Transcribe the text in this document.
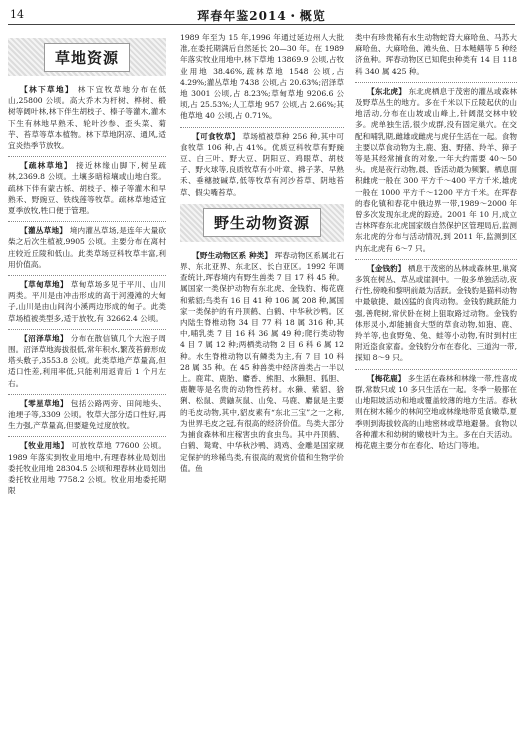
14	珲春年鉴2014・概览
草地资源

【林下草地】 林下宜牧草地分布在低山,25800 公顷。高大乔木为杆树、桦树、椴树等阔叶林,林下伴生胡枝子、榛子等灌木,灌木下生有林地早熟禾、轮叶沙参、歪头菜、菊芋、苔草等草本植物。林下草地阴凉、通风,适宜炎热季节放牧。

【疏林草地】 接近林缘山脚下,树呈疏林,2369.8 公顷。土壤多暗棕壤或山地白浆。疏林下伴有蒙古栎、胡枝子、榛子等灌木和早熟禾、野豌豆、铁线莲等牧草。疏林草地适宜夏季放牧,牲口便于管理。

【灌丛草地】 境内灌丛草场,是连年大量砍柴之后次生植被,9905 公顷。主要分布在离村庄较近丘陵和低山。此类草场豆科牧草丰富,利用价值高。

【草甸草地】 草甸草场多见于平川、山川两类。平川是由冲击形成的高于河漫滩的大甸子,山川是由山间沟小溪两边形成的甸子。此类草场植被类型多,适于放牧,有 32662.4 公顷。

【沼泽草地】 分布在散信镇几个大泡子周围。沼泽草地海拔很低,常年积水,繁茂苔藓形成塔头敷子,3553.8 公顷。此类草地产草量高,但适口性差,利用率低,只能利用返青后 1 个月左右。

【零星草地】 包括公路两旁、田间地头、池埂子等,3309 公顷。牧草大部分适口性好,再生力强,产草量高,但要避免过度放牧。

【牧业用地】 可放牧草地 77600 公顷。1989 年落实到牧业用地中,有理春林业局划出委托牧业用地 28304.5 公顷和理春林业局划出委托牧业用地 7758.2 公顷。牧业用地委托期限

1989 年至为 15 年,1996 年通过延边州人大批准,在委托期满后自然延长 20—30 年。在 1989 年落实牧业用地中,林下草地 13869.9 公顷,占牧业用地 38.46%,疏林草地 1548 公顷,占 4.29%;灌丛草地 7438 公顷,占 20.63%;沼泽草地 3001 公顷,占 8.23%;草甸草地 9206.6 公顷,占 25.53%;人工草地 957 公顷,占 2.66%;其他草地 40 公顷,占 0.71%。

【可食牧草】 草场植被草种 256 种,其中可食牧草 106 种,占 41%。优质豆科牧草有野豌豆、白三叶、野大豆、阴阳豆、鸡眼草、胡枝子、野火球等,良质牧草有小叶章、拂子茅、早熟禾、垂穗披碱草,低等牧草有河沙苔草、阴地苔草、假尖嘴苔草。

野生动物资源

【野生动物区系 种类】 珲春动物区系属北石界、东北亚界、东北区、长白亚区。1992 年调查统计,珲春境内有野生兽类 7 目 17 科 45 种。属国家一类保护动物有东北虎、金钱豹、梅花鹿和紫貂;鸟类有 16 目 41 种 106 属 208 种,属国家一类保护的有丹顶鹤、白鹤、中华秋沙鸭。区内陆生脊椎动物 34 目 77 科 18 属 316 种,其中,哺乳类 7 目 16 科 36 属 49 种;爬行类动物 4 目 7 属 12 种;两栖类动物 2 目 6 科 6 属 12 种。水生脊椎动物以有鳞类为主,有 7 目 10 科 28 属 35 种。在 45 种兽类中经济兽类占一半以上。鹿茸、鹿胎、麝香、熊胆、水獭胆、狐胆、鹿鞭等是名贵的动物性药材。水獭、紫貂、猞猁、松鼠、黄鼬灰鼠、山兔、马鹿、麝鼠是主要的毛皮动物,其中,貂皮素有“东北三宝”之一之称,为世界毛皮之冠,有很高的经济价值。鸟类大部分为捕食森林和庄稼害虫的食虫鸟。其中丹顶鹤、白鹤、鸳鸯、中华秋沙鸭、鸿鸡、金雕是国家规定保护的珍稀鸟类,有很高的观赏价值和生物学价值。鱼

类中有珍贵稀有水生动物蛇背大麻哈鱼、马苏大麻哈鱼、大麻哈鱼、滩头鱼、日本鲢鳝等 5 种经济鱼种。珲春动物区已知爬虫种类有 14 目 118 科 340 属 425 种。

【东北虎】 东北虎栖息于茂密的灌丛或森林及野草丛生的地方。多在千米以下丘陵起伏的山地活动,分布在山坡或山峰上,针阔混交林中较多。虎单独生活,很少成群,没有固定巢穴。在交配和哺乳期,雌雄或雌虎与虎仔生活在一起。食物主要以草食动物为主,鹿、狍、野猪、羚羊、獐子等是其经常捕食的对象,一年大约需要 40～50 头。虎是夜行动物,晨、昏活动最为频繁。栖息面积雌虎一般在 300 平方千～400 平方千米,雄虎一般在 1000 平方千～1200 平方千米。在珲春的春化镇和春花中俄边界一带,1989～2000 年曾多次发现东北虎的踪迹。2001 年 10 月,成立吉林珲春东北虎国家级自然保护区管理局后,监测东北虎的分布与活动情况,到 2011 年,监测到区内东北虎有 6～7 只。

【金钱豹】 栖息于茂密的丛林或森林里,巢窝多筑在树丛、草丛或崖洞中。一般多单独活动,夜行性,傍晚和黎明前最为活跃。金钱豹是猫科动物中最敏捷、最凶猛的食肉动物。金钱豹跳跃能力强,善爬树,常伏卧在树上狙取路过动物。金钱豹体形灵小,却能捕食大型的草食动物,如狍、鹿、羚羊等,也食野兔、兔、蛙等小动物,有时到村庄附近盗食家畜。金钱豹分布在春化、三道沟一带,探知 8～9 只。

【梅花鹿】 多生活在森林和林缘一带,性喜成群,常数只或 10 多只生活在一起。冬季一般都在山地阳坡活动和地或覆盖较薄的地方生活。春秋则在树木稀少的林间空地或林缘地带觅食嫩草,夏季则到海拔较高的山地密林或草地避暑。食物以各种灌木和幼树的嫩枝叶为主。多在白天活动。梅花鹿主要分布在春化、哈达门等地。
